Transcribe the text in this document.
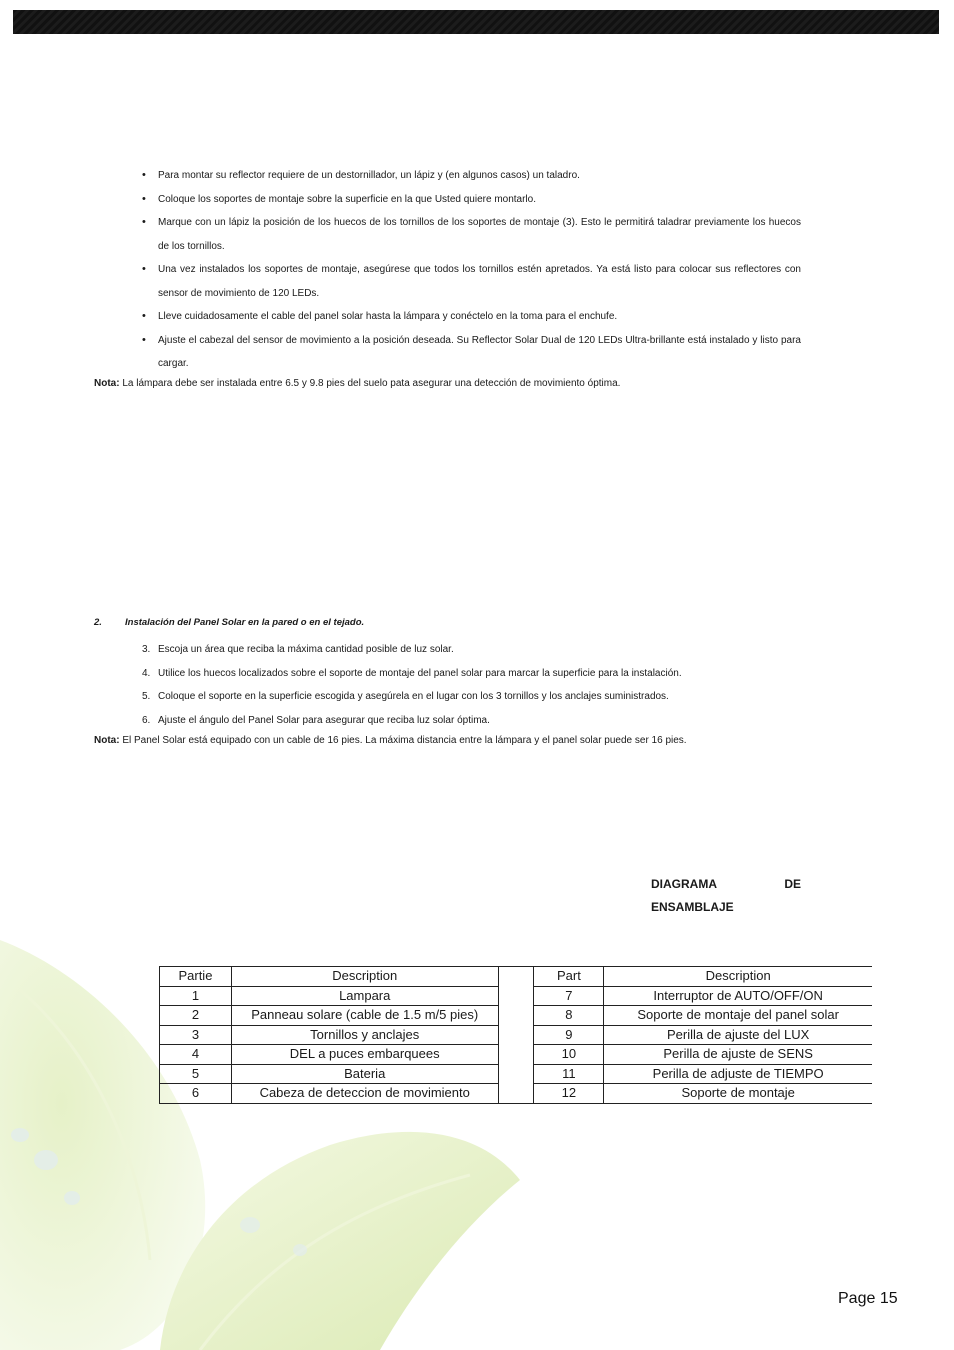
• Para montar su reflector requiere de un destornillador, un lápiz y (en algunos casos) un taladro.
• Coloque los soportes de montaje sobre la superficie en la que Usted quiere montarlo.
• Marque con un lápiz la posición de los huecos de los tornillos de los soportes de montaje (3). Esto le permitirá taladrar previamente los huecos de los tornillos.
• Una vez instalados los soportes de montaje, asegúrese que todos los tornillos estén apretados. Ya está listo para colocar sus reflectores con sensor de movimiento de 120 LEDs.
• Lleve cuidadosamente el cable del panel solar hasta la lámpara y conéctelo en la toma para el enchufe.
• Ajuste el cabezal del sensor de movimiento a la posición deseada. Su Reflector Solar Dual de 120 LEDs Ultra-brillante está instalado y listo para cargar.
Nota: La lámpara debe ser instalada entre 6.5 y 9.8 pies del suelo pata asegurar una detección de movimiento óptima.
2. Instalación del Panel Solar en la pared o en el tejado.
3. Escoja un área que reciba la máxima cantidad posible de luz solar.
4. Utilice los huecos localizados sobre el soporte de montaje del panel solar para marcar la superficie para la instalación.
5. Coloque el soporte en la superficie escogida y asegúrela en el lugar con los 3 tornillos y los anclajes suministrados.
6. Ajuste el ángulo del Panel Solar para asegurar que reciba luz solar óptima.
Nota: El Panel Solar está equipado con un cable de 16 pies. La máxima distancia entre la lámpara y el panel solar puede ser 16 pies.
DIAGRAMA	DE
ENSAMBLAJE
Partie	Description		Part	Description
1	Lampara		7	Interruptor de AUTO/OFF/ON
2	Panneau solare (cable de 1.5 m/5 pies)		8	Soporte de montaje del panel solar
3	Tornillos y anclajes		9	Perilla de ajuste del LUX
4	DEL a puces embarquees		10	Perilla de ajuste de SENS
5	Bateria		11	Perilla de adjuste de TIEMPO
6	Cabeza de deteccion de movimiento		12	Soporte de montaje
Page 15
